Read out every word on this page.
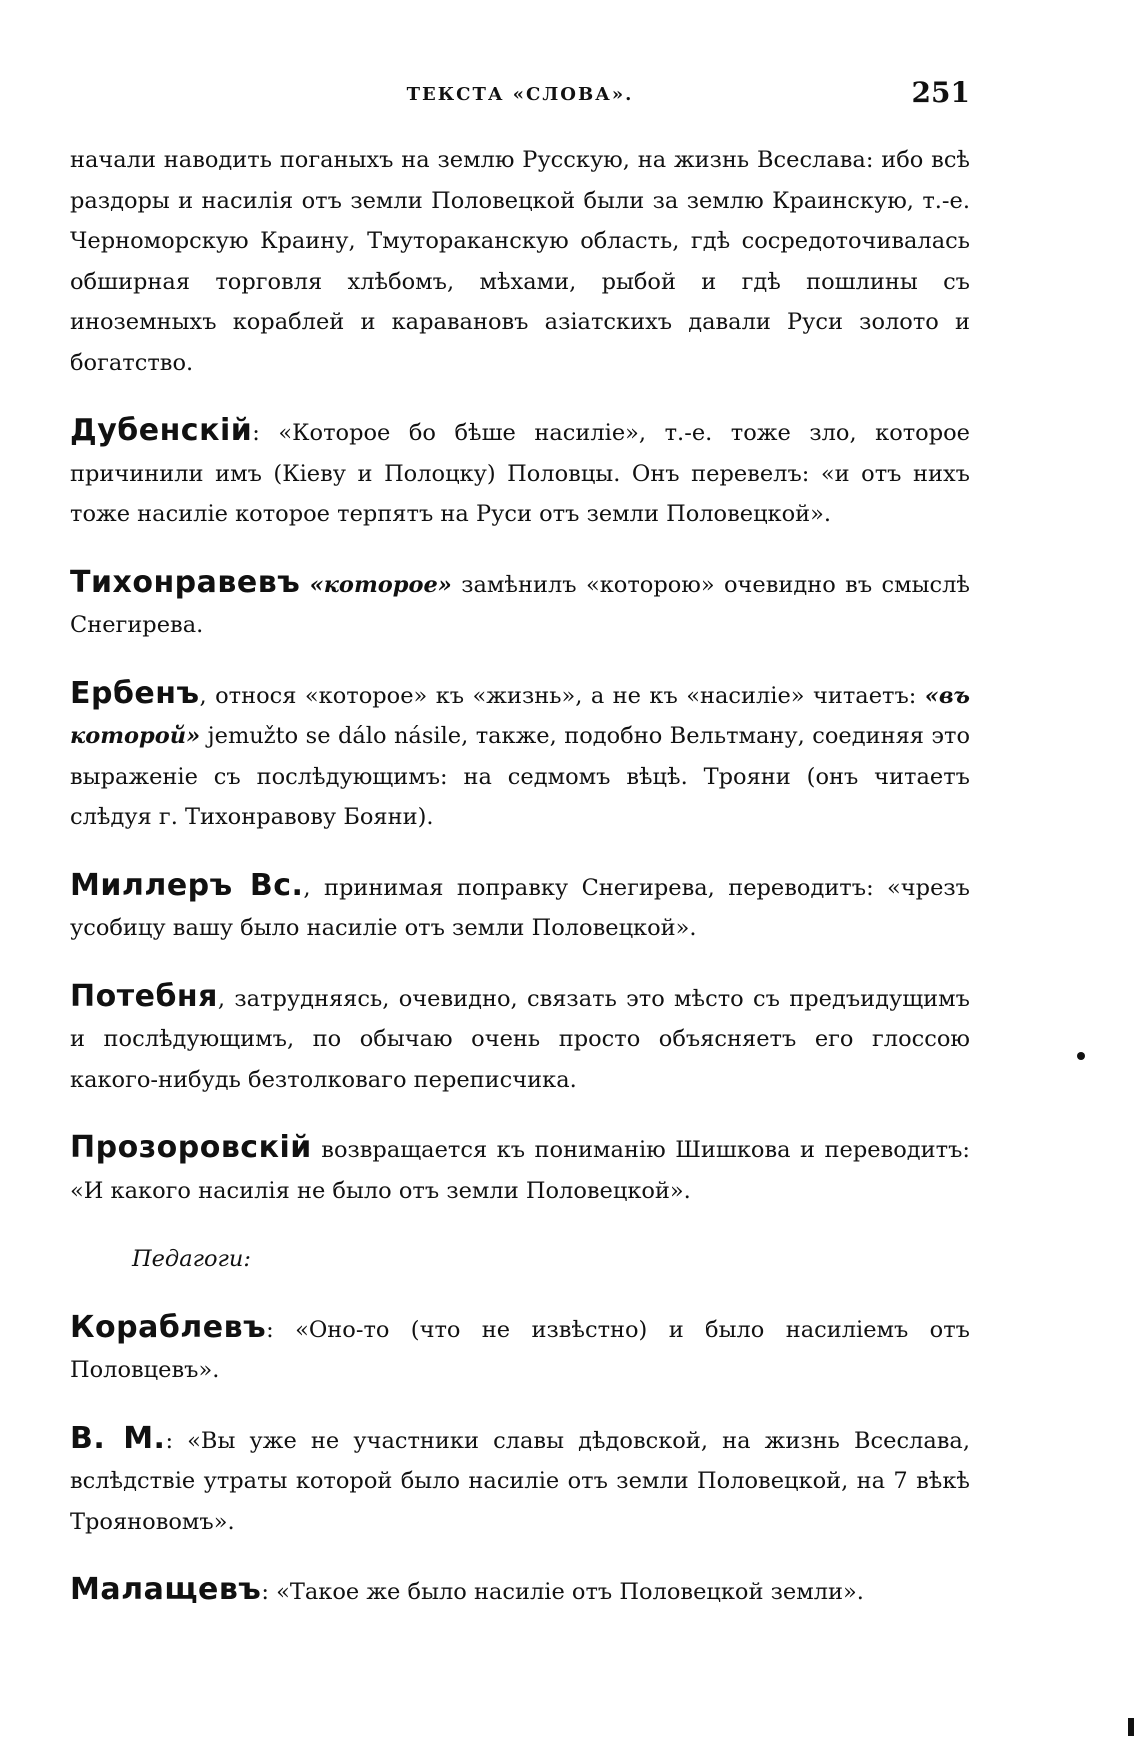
ТЕКСТА «СЛОВА».	251

начали наводить поганыхъ на землю Русскую, на жизнь Всеслава: ибо всѣ раздоры и насилія отъ земли Половецкой были за землю Краинскую, т.-е. Черноморскую Краину, Тмутораканскую область, гдѣ сосредоточивалась обширная торговля хлѣбомъ, мѣхами, рыбой и гдѣ пошлины съ иноземныхъ кораблей и каравановъ азіатскихъ давали Руси золото и богатство.

Дубенскій: «Которое бо бѣше насиліе», т.-е. тоже зло, которое причинили имъ (Кіеву и Полоцку) Половцы. Онъ перевелъ: «и отъ нихъ тоже насиліе которое терпятъ на Руси отъ земли Половецкой».

Тихонравевъ «которое» замѣнилъ «которою» очевидно въ смыслѣ Снегирева.

Ербенъ, относя «которое» къ «жизнь», а не къ «насиліе» читаетъ: «въ которой» jemužto se dálo násile, также, подобно Вельтману, соединяя это выраженіе съ послѣдующимъ: на седмомъ вѣцѣ. Трояни (онъ читаетъ слѣдуя г. Тихонравову Бояни).

Миллеръ Вс., принимая поправку Снегирева, переводитъ: «чрезъ усобицу вашу было насиліе отъ земли Половецкой».

Потебня, затрудняясь, очевидно, связать это мѣсто съ предъидущимъ и послѣдующимъ, по обычаю очень просто объясняетъ его глоссою какого-нибудь безтолковаго переписчика.

Прозоровскій возвращается къ пониманію Шишкова и переводитъ: «И какого насилія не было отъ земли Половецкой».

Педагоги:

Кораблевъ: «Оно-то (что не извѣстно) и было насиліемъ отъ Половцевъ».

В. М.: «Вы уже не участники славы дѣдовской, на жизнь Всеслава, вслѣдствіе утраты которой было насиліе отъ земли Половецкой, на 7 вѣкѣ Трояновомъ».

Малащевъ: «Такое же было насиліе отъ Половецкой земли».
